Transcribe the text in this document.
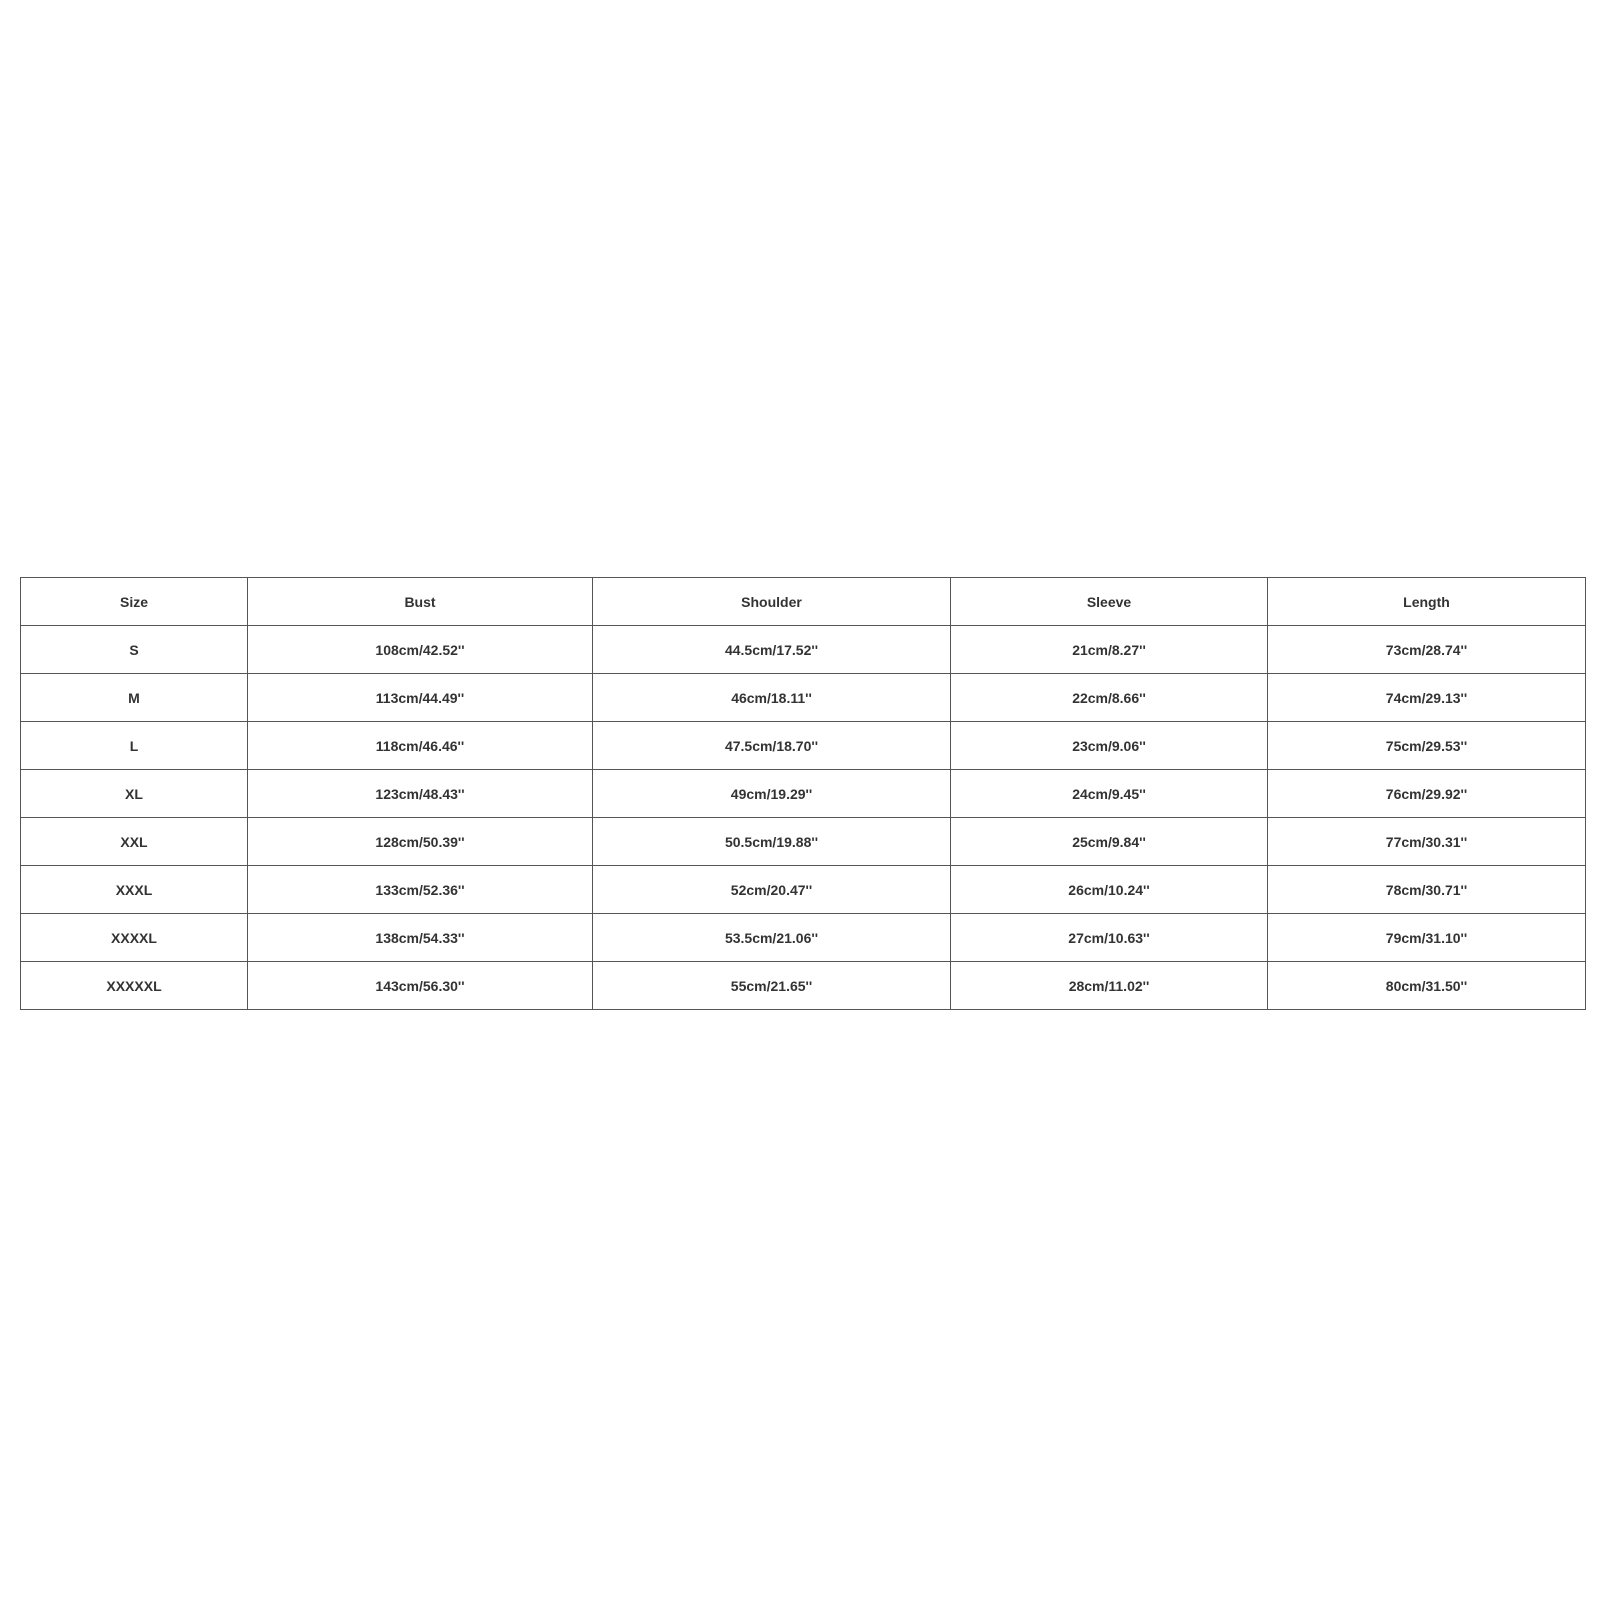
Size	Bust	Shoulder	Sleeve	Length
S	108cm/42.52''	44.5cm/17.52''	21cm/8.27''	73cm/28.74''
M	113cm/44.49''	46cm/18.11''	22cm/8.66''	74cm/29.13''
L	118cm/46.46''	47.5cm/18.70''	23cm/9.06''	75cm/29.53''
XL	123cm/48.43''	49cm/19.29''	24cm/9.45''	76cm/29.92''
XXL	128cm/50.39''	50.5cm/19.88''	25cm/9.84''	77cm/30.31''
XXXL	133cm/52.36''	52cm/20.47''	26cm/10.24''	78cm/30.71''
XXXXL	138cm/54.33''	53.5cm/21.06''	27cm/10.63''	79cm/31.10''
XXXXXL	143cm/56.30''	55cm/21.65''	28cm/11.02''	80cm/31.50''
